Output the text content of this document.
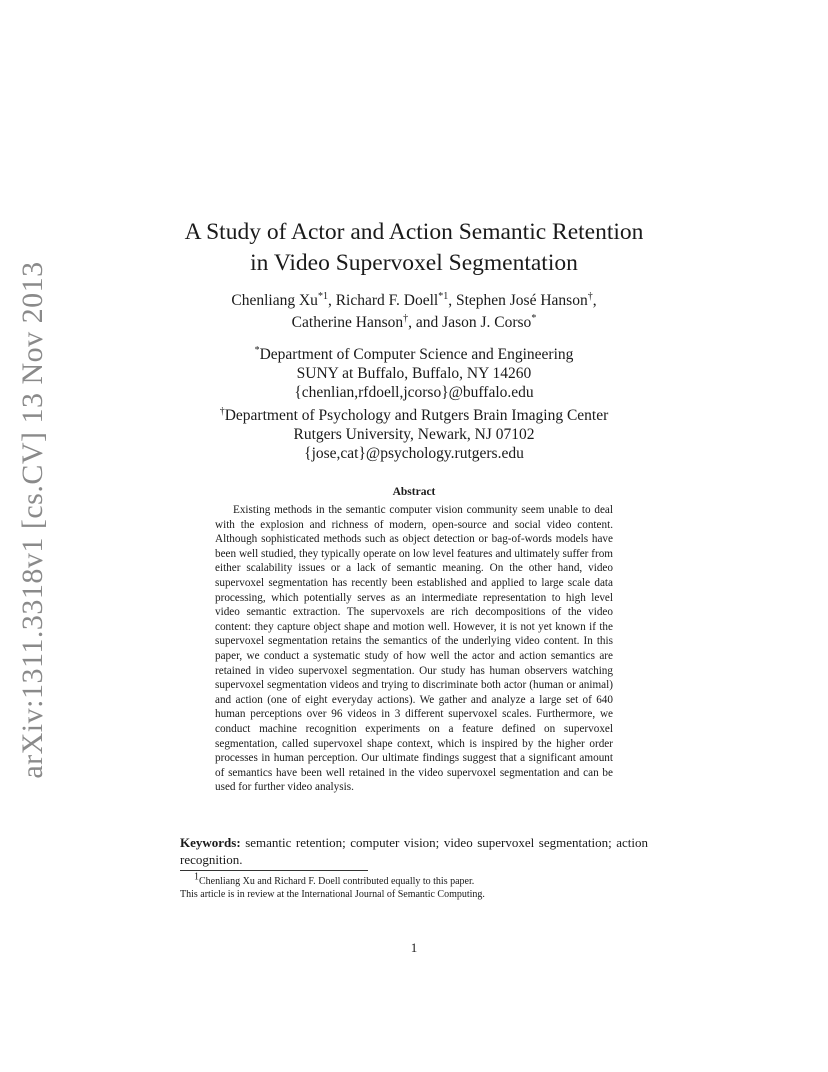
arXiv:1311.3318v1 [cs.CV] 13 Nov 2013
A Study of Actor and Action Semantic Retention
in Video Supervoxel Segmentation
Chenliang Xu$^{*1}$, Richard F. Doell$^{*1}$, Stephen José Hanson†,
Catherine Hanson†, and Jason J. Corso*
*Department of Computer Science and Engineering
SUNY at Buffalo, Buffalo, NY 14260
{chenlian,rfdoell,jcorso}@buffalo.edu
†Department of Psychology and Rutgers Brain Imaging Center
Rutgers University, Newark, NJ 07102
{jose,cat}@psychology.rutgers.edu
Abstract

Existing methods in the semantic computer vision community seem unable to deal with the explosion and richness of modern, open-source and social video content. Although sophisticated methods such as object detection or bag-of-words models have been well studied, they typically operate on low level features and ultimately suffer from either scalability issues or a lack of semantic meaning. On the other hand, video supervoxel segmentation has recently been established and applied to large scale data processing, which potentially serves as an intermediate representation to high level video semantic extraction. The supervoxels are rich decompositions of the video content: they capture object shape and motion well. However, it is not yet known if the supervoxel segmentation retains the semantics of the underlying video content. In this paper, we conduct a systematic study of how well the actor and action semantics are retained in video supervoxel segmentation. Our study has human observers watching supervoxel segmentation videos and trying to discriminate both actor (human or animal) and action (one of eight everyday actions). We gather and analyze a large set of 640 human perceptions over 96 videos in 3 different supervoxel scales. Furthermore, we conduct machine recognition experiments on a feature defined on supervoxel segmentation, called supervoxel shape context, which is inspired by the higher order processes in human perception. Our ultimate findings suggest that a significant amount of semantics have been well retained in the video supervoxel segmentation and can be used for further video analysis.

Keywords: semantic retention; computer vision; video supervoxel segmentation; action recognition.

$^1$Chenliang Xu and Richard F. Doell contributed equally to this paper.
This article is in review at the International Journal of Semantic Computing.
1
